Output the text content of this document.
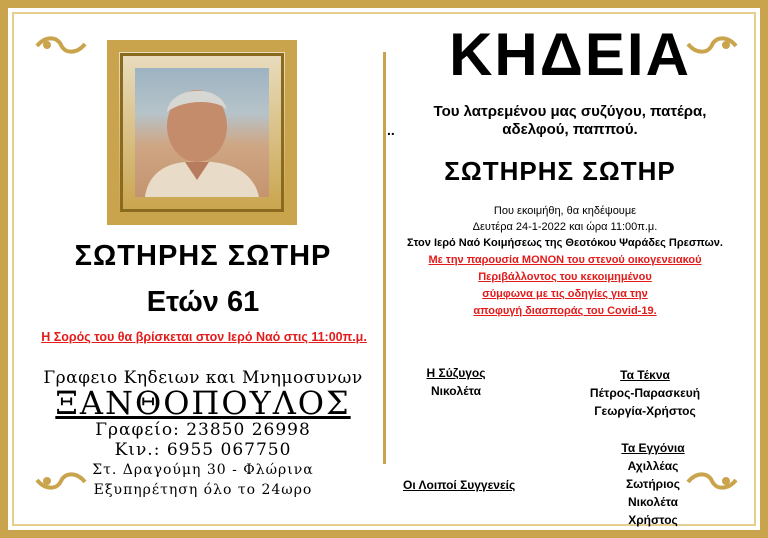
ΣΩΤΗΡΗΣ ΣΩΤΗΡ
Ετών 61
Η Σορός του θα βρίσκεται στον Ιερό Ναό στις 11:00π.μ.
Γραφειο Κηδειων και Μνημοσυνων
ΞΑΝΘΟΠΟΥΛΟΣ
Γραφείο: 23850 26998
Κιν.: 6955 067750
Στ. Δραγούμη 30 - Φλώρινα
Εξυπηρέτηση όλο το 24ωρο
ΚΗΔΕΙΑ
Του λατρεμένου μας συζύγου, πατέρα,
αδελφού, παππού.
..
ΣΩΤΗΡΗΣ ΣΩΤΗΡ
Που εκοιμήθη, θα κηδέψουμε
Δευτέρα 24-1-2022 και ώρα 11:00π.μ.
Στον Ιερό Ναό Κοιμήσεως της Θεοτόκου Ψαράδες Πρεσπων.
Με την παρουσία ΜΟΝΟΝ του στενού οικογενειακού
Περιβάλλοντος του κεκοιμημένου
σύμφωνα με τις οδηγίες για την
αποφυγή διασποράς του Covid-19.
Η Σύζυγος
Νικολέτα
Τα Τέκνα
Πέτρος-Παρασκευή
Γεωργία-Χρήστος
Τα Εγγόνια
Αχιλλέας
Σωτήριος
Νικολέτα
Χρήστος
Οι Λοιποί Συγγενείς
